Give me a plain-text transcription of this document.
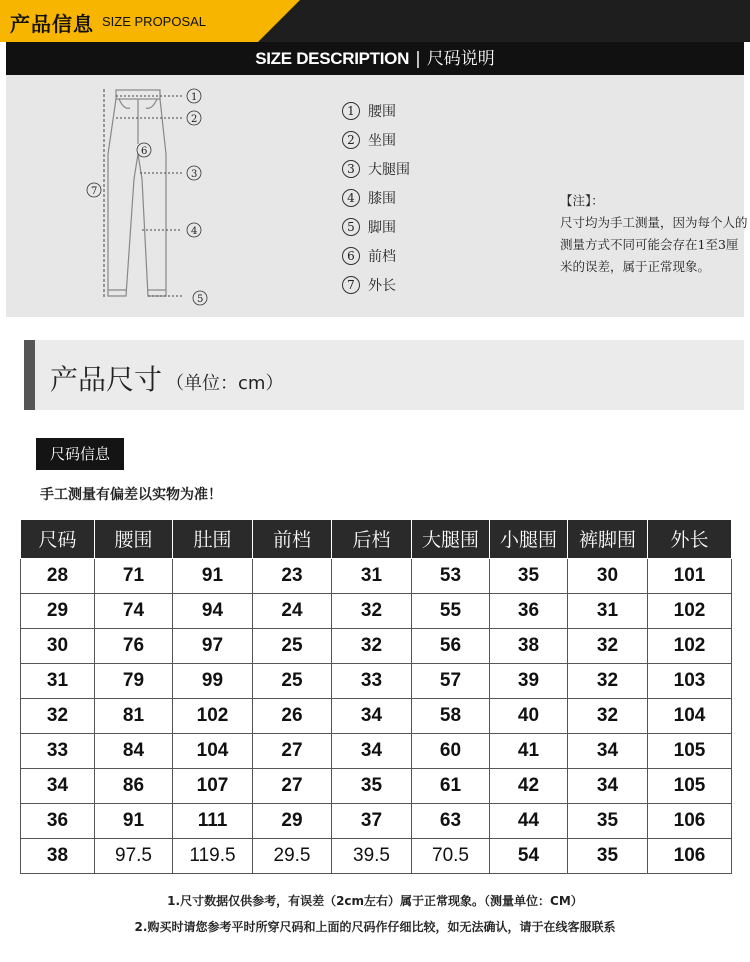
产品信息 SIZE PROPOSAL
SIZE DESCRIPTION | 尺码说明
1
2
3
4
5
6
7
1 腰围
2 坐围
3 大腿围
4 膝围
5 脚围
6 前档
7 外长
【注】：
尺寸均为手工测量，因为每个人的测量方式不同可能会存在1至3厘米的误差，属于正常现象。
产品尺寸 （单位：cm）
尺码信息
手工测量有偏差以实物为准！
尺码	腰围	肚围	前档	后档	大腿围	小腿围	裤脚围	外长
28	71	91	23	31	53	35	30	101
29	74	94	24	32	55	36	31	102
30	76	97	25	32	56	38	32	102
31	79	99	25	33	57	39	32	103
32	81	102	26	34	58	40	32	104
33	84	104	27	34	60	41	34	105
34	86	107	27	35	61	42	34	105
36	91	111	29	37	63	44	35	106
38	97.5	119.5	29.5	39.5	70.5	54	35	106
1.尺寸数据仅供参考，有误差（2cm左右）属于正常现象。（测量单位：CM）
2.购买时请您参考平时所穿尺码和上面的尺码作仔细比较，如无法确认，请于在线客服联系
